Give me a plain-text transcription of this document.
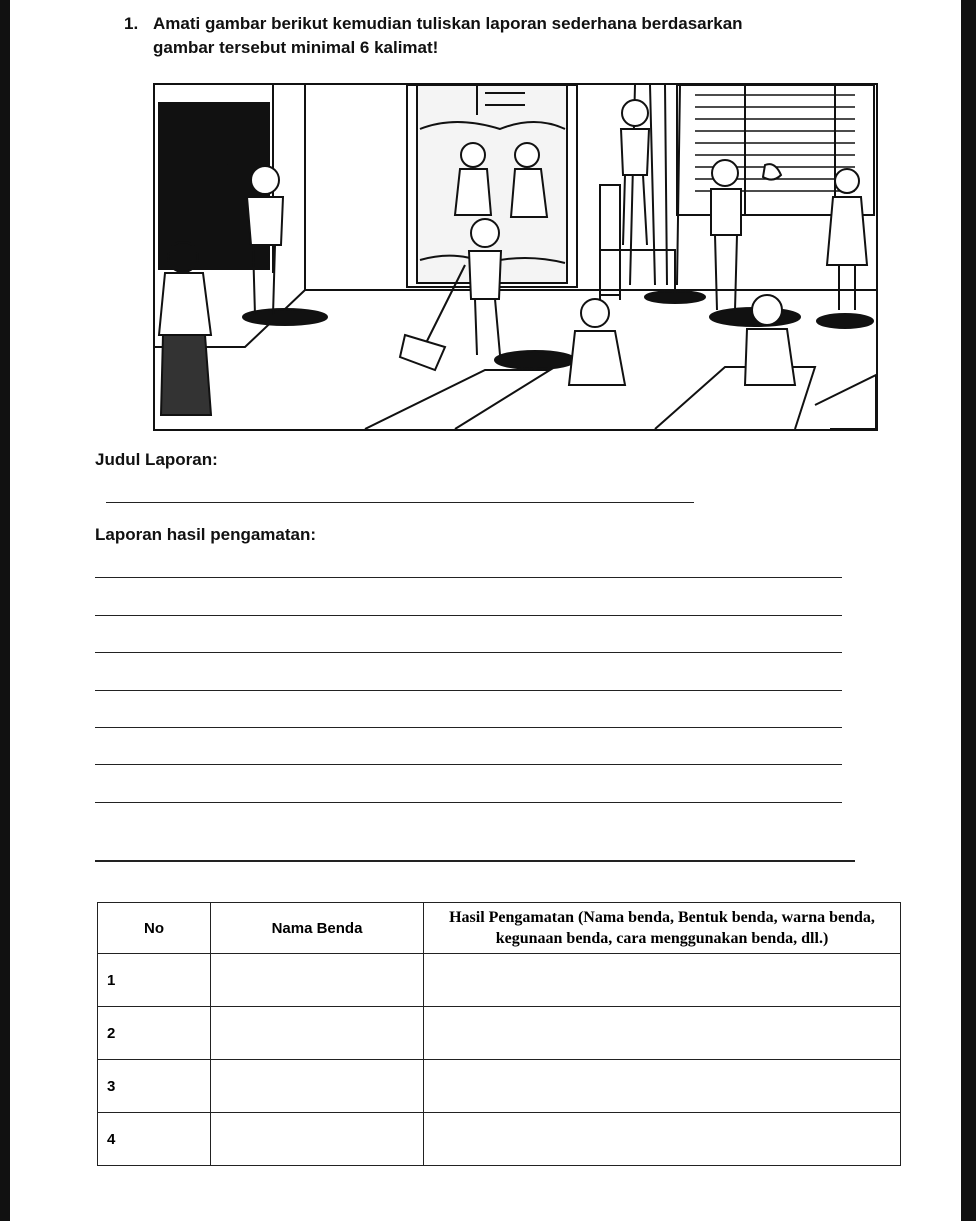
1. Amati gambar berikut kemudian tuliskan laporan sederhana berdasarkan gambar tersebut minimal 6 kalimat!
Judul Laporan:
Laporan hasil pengamatan:
No	Nama Benda	Hasil Pengamatan (Nama benda, Bentuk benda, warna benda, kegunaan benda, cara menggunakan benda, dll.)
1		
2		
3		
4		
